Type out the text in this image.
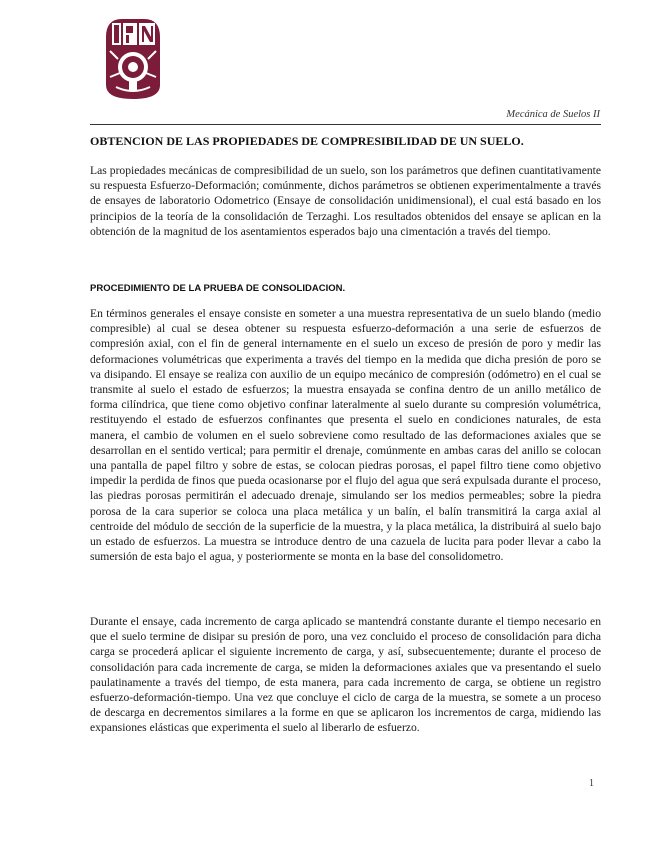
Mecánica de Suelos II
OBTENCION DE LAS PROPIEDADES DE COMPRESIBILIDAD DE UN SUELO.

Las propiedades mecánicas de compresibilidad de un suelo, son los parámetros que definen cuantitativamente su respuesta Esfuerzo-Deformación; comúnmente, dichos parámetros se obtienen experimentalmente a través de ensayes de laboratorio Odometrico (Ensaye de consolidación unidimensional), el cual está basado en los principios de la teoría de la consolidación de Terzaghi. Los resultados obtenidos del ensaye se aplican en la obtención de la magnitud de los asentamientos esperados bajo una cimentación a través del tiempo.

PROCEDIMIENTO DE LA PRUEBA DE CONSOLIDACION.

En términos generales el ensaye consiste en someter a una muestra representativa de un suelo blando (medio compresible) al cual se desea obtener su respuesta esfuerzo-deformación a una serie de esfuerzos de compresión axial, con el fin de general internamente en el suelo un exceso de presión de poro y medir las deformaciones volumétricas que experimenta a través del tiempo en la medida que dicha presión de poro se va disipando. El ensaye se realiza con auxilio de un equipo mecánico de compresión (odómetro) en el cual se transmite al suelo el estado de esfuerzos; la muestra ensayada se confina dentro de un anillo metálico de forma cilíndrica, que tiene como objetivo confinar lateralmente al suelo durante su compresión volumétrica, restituyendo el estado de esfuerzos confinantes que presenta el suelo en condiciones naturales, de esta manera, el cambio de volumen en el suelo sobreviene como resultado de las deformaciones axiales que se desarrollan en el sentido vertical; para permitir el drenaje, comúnmente en ambas caras del anillo se colocan una pantalla de papel filtro y sobre de estas, se colocan piedras porosas, el papel filtro tiene como objetivo impedir la perdida de finos que pueda ocasionarse por el flujo del agua que será expulsada durante el proceso, las piedras porosas permitirán el adecuado drenaje, simulando ser los medios permeables; sobre la piedra porosa de la cara superior se coloca una placa metálica y un balín, el balín transmitirá la carga axial al centroide del módulo de sección de la superficie de la muestra, y la placa metálica, la distribuirá al suelo bajo un estado de esfuerzos. La muestra se introduce dentro de una cazuela de lucita para poder llevar a cabo la sumersión de esta bajo el agua, y posteriormente se monta en la base del consolidometro.

Durante el ensaye, cada incremento de carga aplicado se mantendrá constante durante el tiempo necesario en que el suelo termine de disipar su presión de poro, una vez concluido el proceso de consolidación para dicha carga se procederá aplicar el siguiente incremento de carga, y así, subsecuentemente; durante el proceso de consolidación para cada incremente de carga, se miden la deformaciones axiales que va presentando el suelo paulatinamente a través del tiempo, de esta manera, para cada incremento de carga, se obtiene un registro esfuerzo-deformación-tiempo. Una vez que concluye el ciclo de carga de la muestra, se somete a un proceso de descarga en decrementos similares a la forme en que se aplicaron los incrementos de carga, midiendo las expansiones elásticas que experimenta el suelo al liberarlo de esfuerzo.

1
